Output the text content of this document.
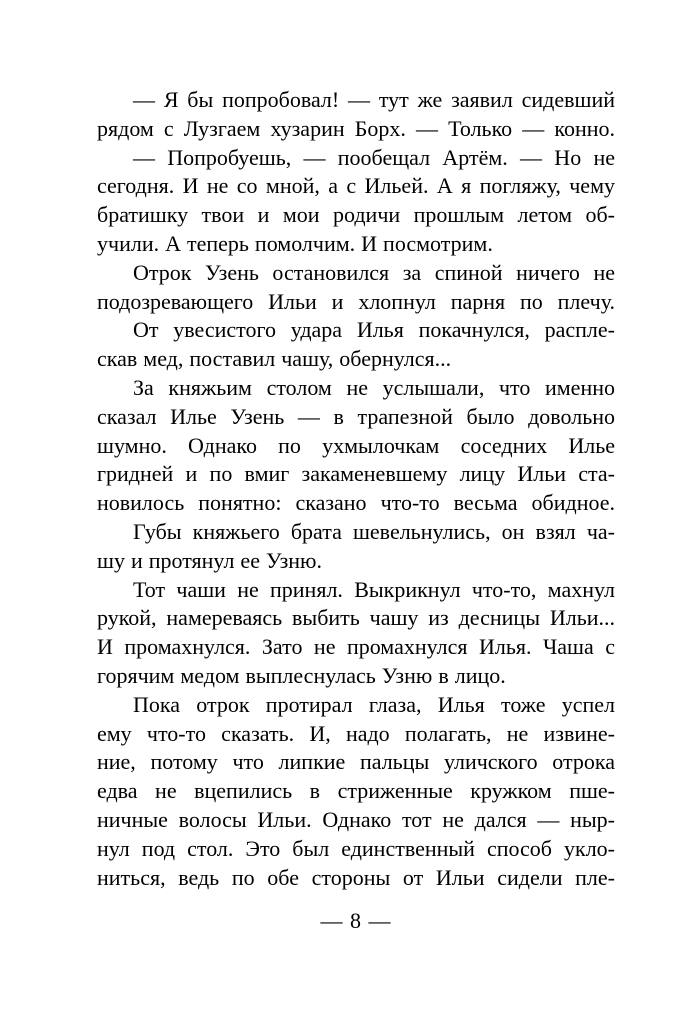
— Я бы попробовал! — тут же заявил сидевший
рядом с Лузгаем хузарин Борх. — Только — конно.
— Попробуешь, — пообещал Артём. — Но не
сегодня. И не со мной, а с Ильей. А я погляжу, чему
братишку твои и мои родичи прошлым летом об-
учили. А теперь помолчим. И посмотрим.
Отрок Узень остановился за спиной ничего не
подозревающего Ильи и хлопнул парня по плечу.
От увесистого удара Илья покачнулся, распле-
скав мед, поставил чашу, обернулся...
За княжьим столом не услышали, что именно
сказал Илье Узень — в трапезной было довольно
шумно. Однако по ухмылочкам соседних Илье
гридней и по вмиг закаменевшему лицу Ильи ста-
новилось понятно: сказано что-то весьма обидное.
Губы княжьего брата шевельнулись, он взял ча-
шу и протянул ее Узню.
Тот чаши не принял. Выкрикнул что-то, махнул
рукой, намереваясь выбить чашу из десницы Ильи...
И промахнулся. Зато не промахнулся Илья. Чаша с
горячим медом выплеснулась Узню в лицо.
Пока отрок протирал глаза, Илья тоже успел
ему что-то сказать. И, надо полагать, не извине-
ние, потому что липкие пальцы уличского отрока
едва не вцепились в стриженные кружком пше-
ничные волосы Ильи. Однако тот не дался — ныр-
нул под стол. Это был единственный способ укло-
ниться, ведь по обе стороны от Ильи сидели пле-
— 8 —
